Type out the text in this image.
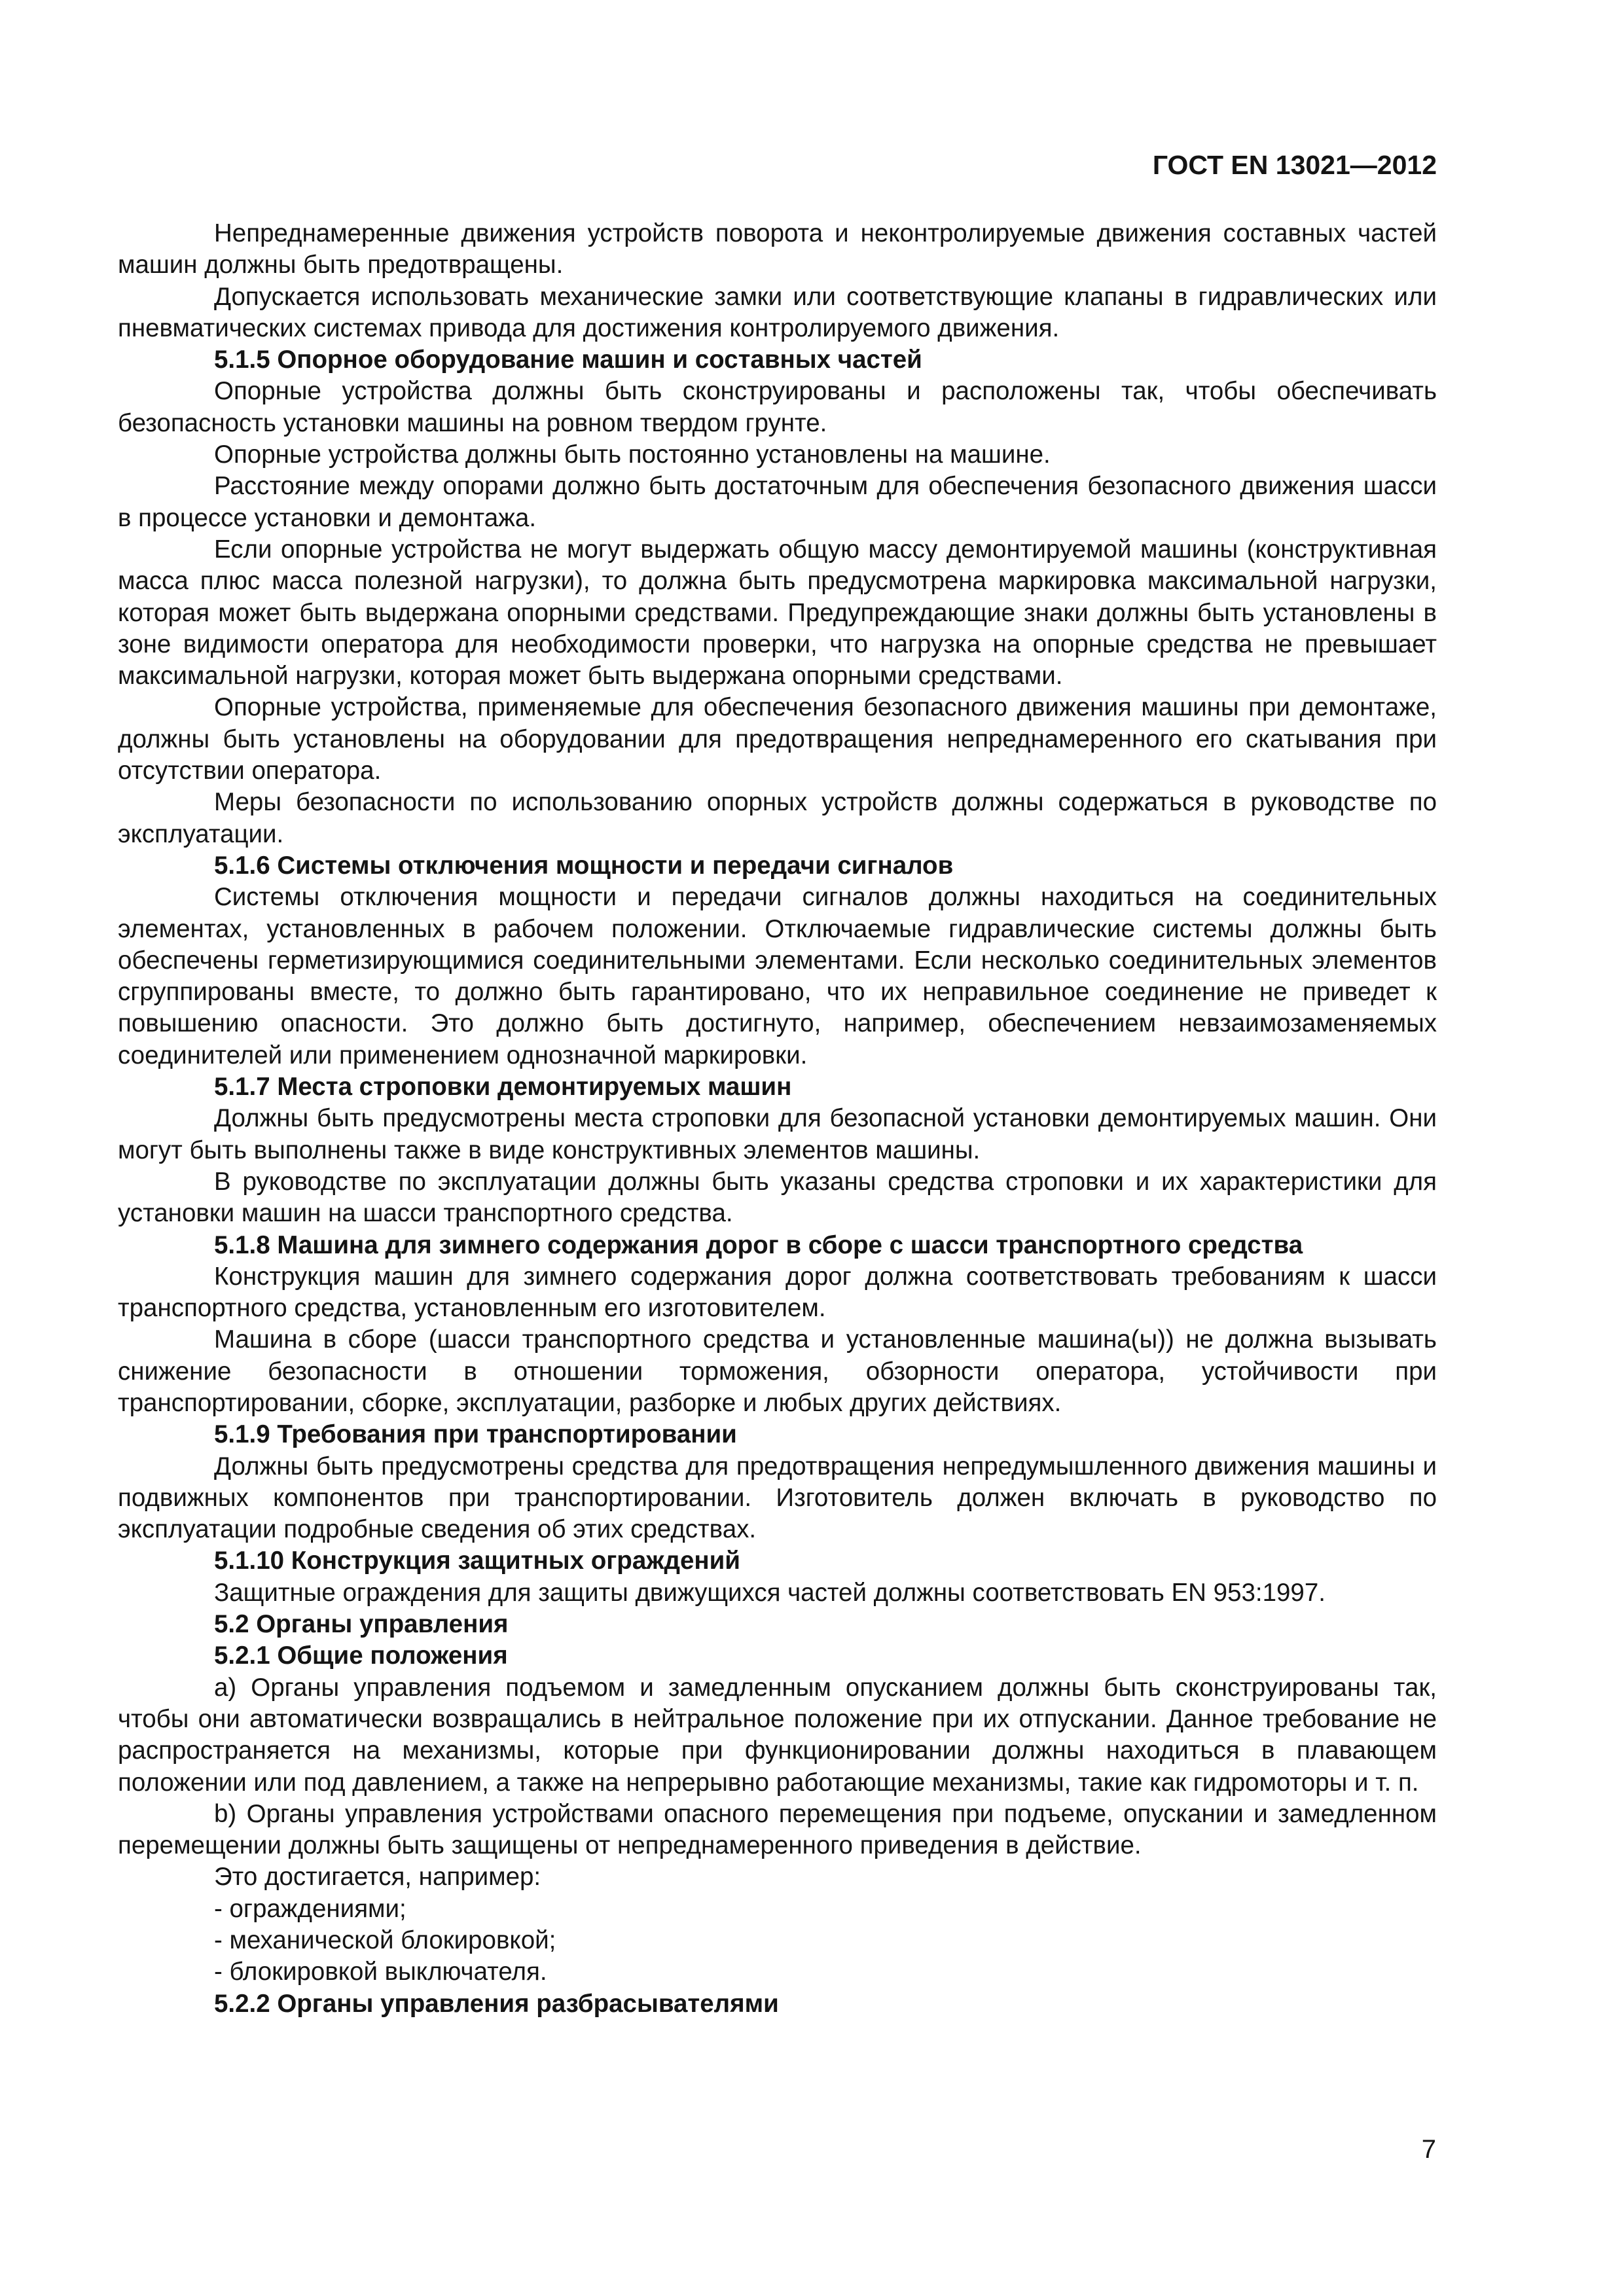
ГОСТ EN 13021—2012

Непреднамеренные движения устройств поворота и неконтролируемые движения составных частей машин должны быть предотвращены.

Допускается использовать механические замки или соответствующие клапаны в гидравлических или пневматических системах привода для достижения контролируемого движения.

5.1.5 Опорное оборудование машин и составных частей

Опорные устройства должны быть сконструированы и расположены так, чтобы обеспечивать безопасность установки машины на ровном твердом грунте.

Опорные устройства должны быть постоянно установлены на машине.

Расстояние между опорами должно быть достаточным для обеспечения безопасного движения шасси в процессе установки и демонтажа.

Если опорные устройства не могут выдержать общую массу демонтируемой машины (конструктивная масса плюс масса полезной нагрузки), то должна быть предусмотрена маркировка максимальной нагрузки, которая может быть выдержана опорными средствами. Предупреждающие знаки должны быть установлены в зоне видимости оператора для необходимости проверки, что нагрузка на опорные средства не превышает максимальной нагрузки, которая может быть выдержана опорными средствами.

Опорные устройства, применяемые для обеспечения безопасного движения машины при демонтаже, должны быть установлены на оборудовании для предотвращения непреднамеренного его скатывания при отсутствии оператора.

Меры безопасности по использованию опорных устройств должны содержаться в руководстве по эксплуатации.

5.1.6 Системы отключения мощности и передачи сигналов

Системы отключения мощности и передачи сигналов должны находиться на соединительных элементах, установленных в рабочем положении. Отключаемые гидравлические системы должны быть обеспечены герметизирующимися соединительными элементами. Если несколько соединительных элементов сгруппированы вместе, то должно быть гарантировано, что их неправильное соединение не приведет к повышению опасности. Это должно быть достигнуто, например, обеспечением невзаимозаменяемых соединителей или применением однозначной маркировки.

5.1.7 Места строповки демонтируемых машин

Должны быть предусмотрены места строповки для безопасной установки демонтируемых машин. Они могут быть выполнены также в виде конструктивных элементов машины.

В руководстве по эксплуатации должны быть указаны средства строповки и их характеристики для установки машин на шасси транспортного средства.

5.1.8 Машина для зимнего содержания дорог в сборе с шасси транспортного средства

Конструкция машин для зимнего содержания дорог должна соответствовать требованиям к шасси транспортного средства, установленным его изготовителем.

Машина в сборе (шасси транспортного средства и установленные машина(ы)) не должна вызывать снижение безопасности в отношении торможения, обзорности оператора, устойчивости при транспортировании, сборке, эксплуатации, разборке и любых других действиях.

5.1.9 Требования при транспортировании

Должны быть предусмотрены средства для предотвращения непредумышленного движения машины и подвижных компонентов при транспортировании. Изготовитель должен включать в руководство по эксплуатации подробные сведения об этих средствах.

5.1.10 Конструкция защитных ограждений

Защитные ограждения для защиты движущихся частей должны соответствовать EN 953:1997.

5.2 Органы управления

5.2.1 Общие положения

a) Органы управления подъемом и замедленным опусканием должны быть сконструированы так, чтобы они автоматически возвращались в нейтральное положение при их отпускании. Данное требование не распространяется на механизмы, которые при функционировании должны находиться в плавающем положении или под давлением, а также на непрерывно работающие механизмы, такие как гидромоторы и т. п.

b) Органы управления устройствами опасного перемещения при подъеме, опускании и замедленном перемещении должны быть защищены от непреднамеренного приведения в действие.

Это достигается, например:

- ограждениями;

- механической блокировкой;

- блокировкой выключателя.

5.2.2 Органы управления разбрасывателями

7
